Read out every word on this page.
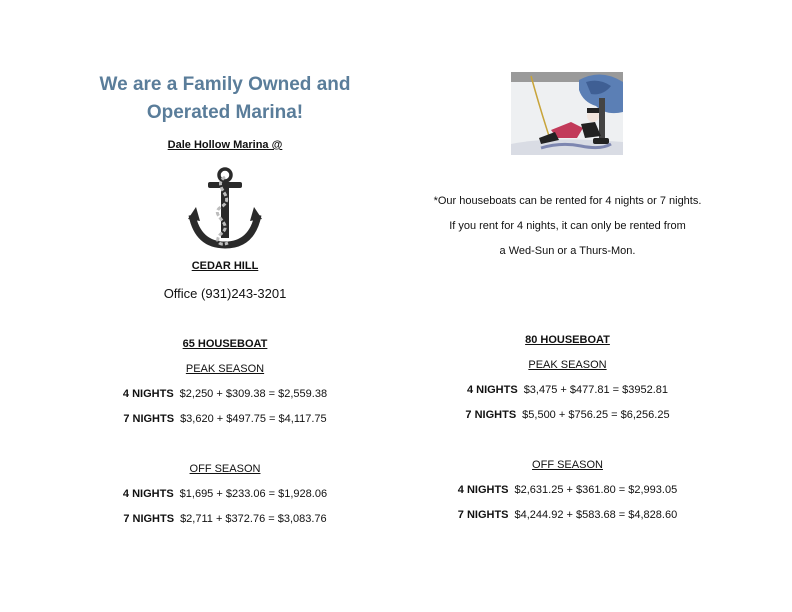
We are a Family Owned and
Operated Marina!
Dale Hollow Marina @
CEDAR HILL
Office (931)243-3201
65 HOUSEBOAT
PEAK SEASON
4 NIGHTS $2,250 + $309.38 = $2,559.38
7 NIGHTS $3,620 + $497.75 = $4,117.75
OFF SEASON
4 NIGHTS $1,695 + $233.06 = $1,928.06
7 NIGHTS $2,711 + $372.76 = $3,083.76
*Our houseboats can be rented for 4 nights or 7 nights.
If you rent for 4 nights, it can only be rented from
a Wed-Sun or a Thurs-Mon.
80 HOUSEBOAT
PEAK SEASON
4 NIGHTS $3,475 + $477.81 = $3952.81
7 NIGHTS $5,500 + $756.25 = $6,256.25
OFF SEASON
4 NIGHTS $2,631.25 + $361.80 = $2,993.05
7 NIGHTS $4,244.92 + $583.68 = $4,828.60
